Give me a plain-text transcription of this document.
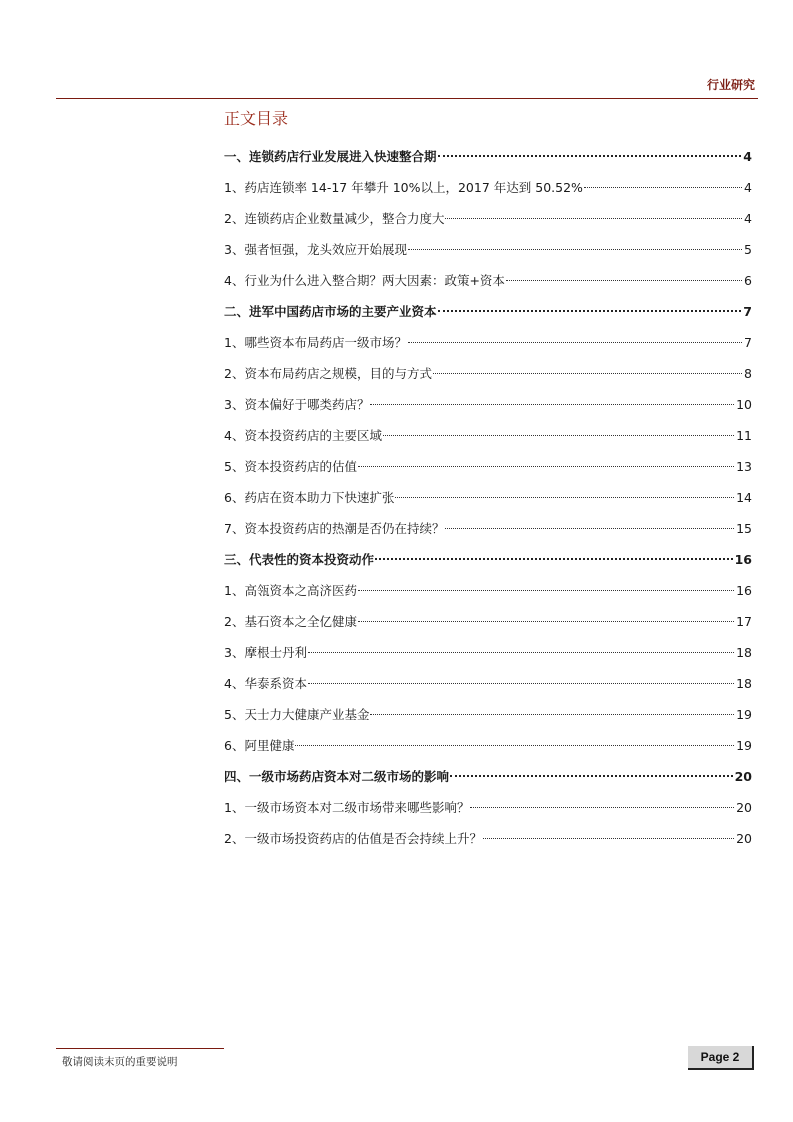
行业研究
正文目录
一、连锁药店行业发展进入快速整合期	4
1、药店连锁率 14-17 年攀升 10%以上，2017 年达到 50.52%	4
2、连锁药店企业数量减少，整合力度大	4
3、强者恒强，龙头效应开始展现	5
4、行业为什么进入整合期？两大因素：政策+资本	6
二、进军中国药店市场的主要产业资本	7
1、哪些资本布局药店一级市场？	7
2、资本布局药店之规模，目的与方式	8
3、资本偏好于哪类药店？	10
4、资本投资药店的主要区域	11
5、资本投资药店的估值	13
6、药店在资本助力下快速扩张	14
7、资本投资药店的热潮是否仍在持续？	15
三、代表性的资本投资动作	16
1、高瓴资本之高济医药	16
2、基石资本之全亿健康	17
3、摩根士丹利	18
4、华泰系资本	18
5、天士力大健康产业基金	19
6、阿里健康	19
四、一级市场药店资本对二级市场的影响	20
1、一级市场资本对二级市场带来哪些影响？	20
2、一级市场投资药店的估值是否会持续上升？	20
敬请阅读末页的重要说明	Page 2
